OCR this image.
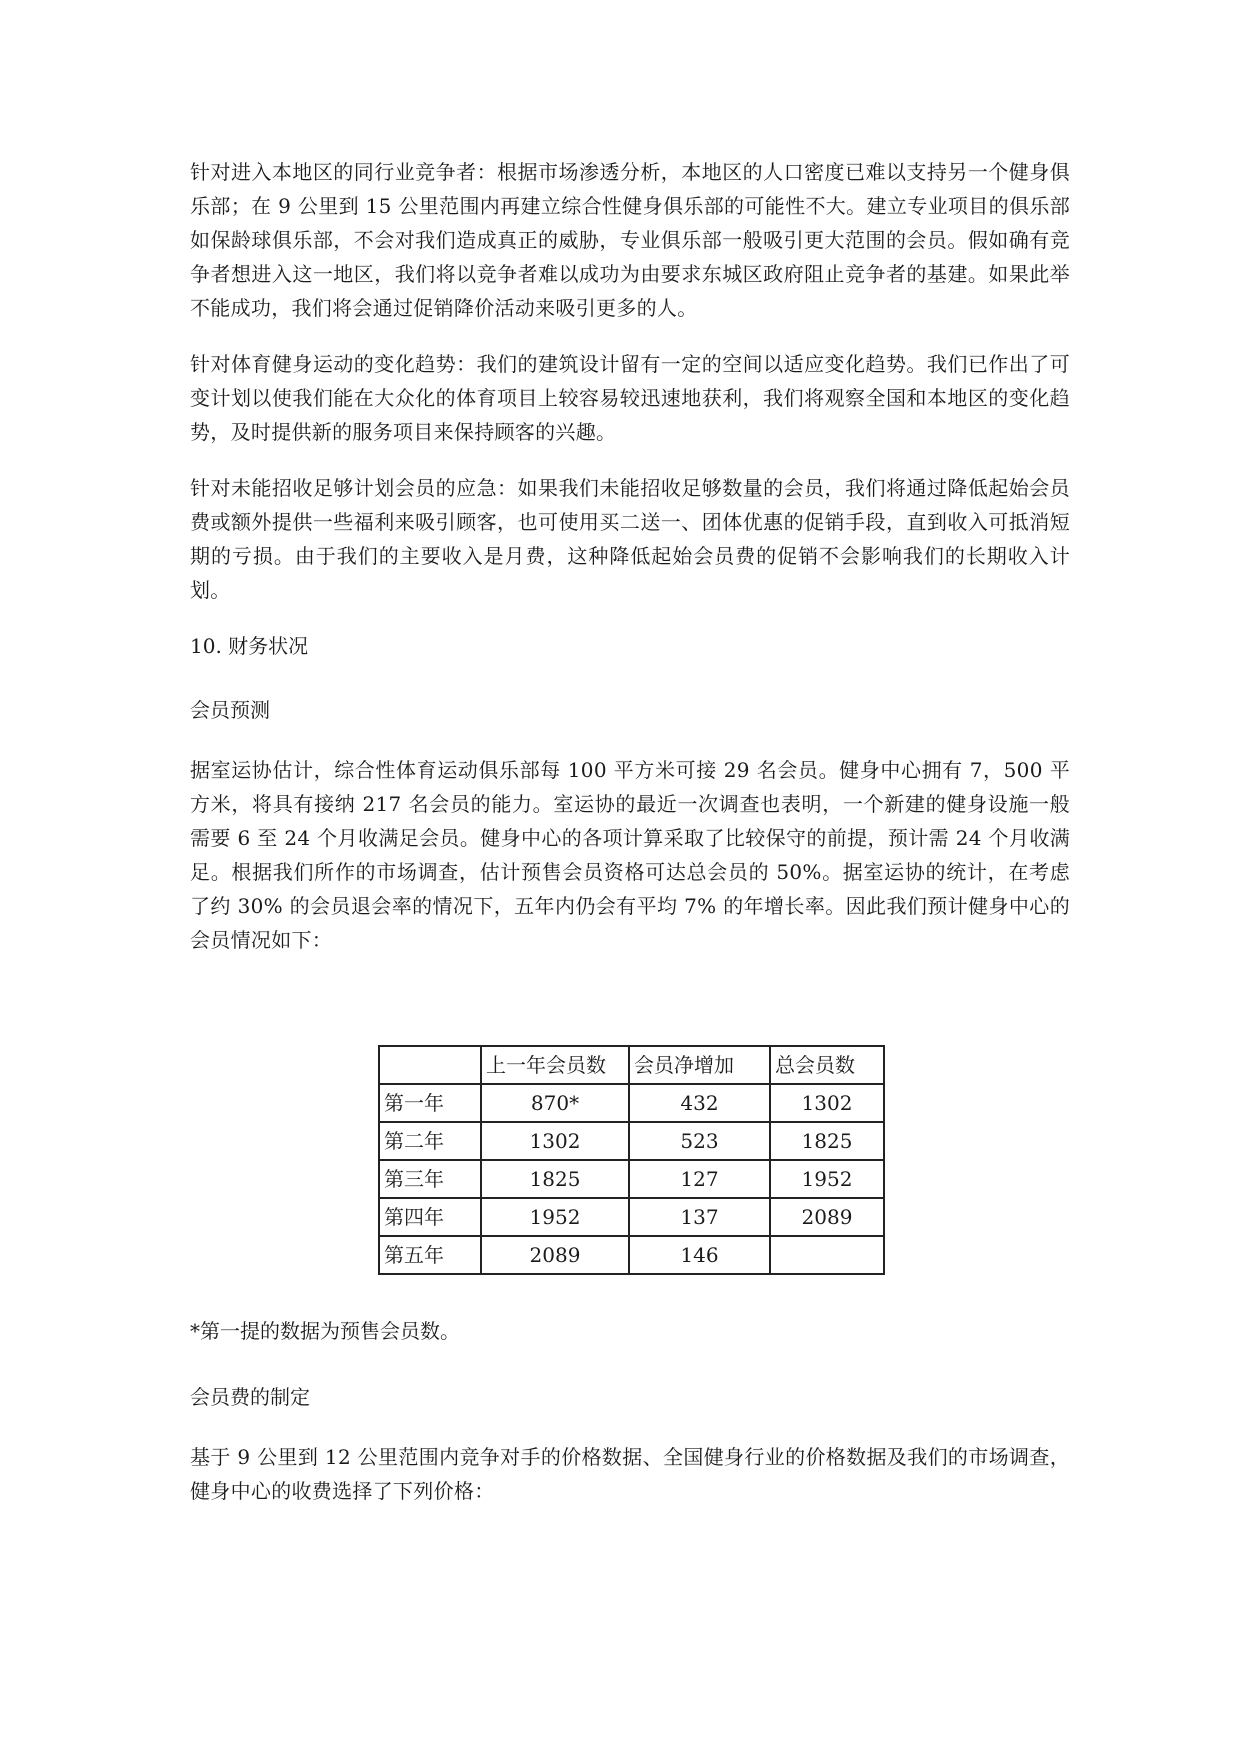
针对进入本地区的同行业竞争者：根据市场渗透分析，本地区的人口密度已难以支持另一个健身俱乐部；在 9 公里到 15 公里范围内再建立综合性健身俱乐部的可能性不大。建立专业项目的俱乐部如保龄球俱乐部，不会对我们造成真正的威胁，专业俱乐部一般吸引更大范围的会员。假如确有竞争者想进入这一地区，我们将以竞争者难以成功为由要求东城区政府阻止竞争者的基建。如果此举不能成功，我们将会通过促销降价活动来吸引更多的人。

针对体育健身运动的变化趋势：我们的建筑设计留有一定的空间以适应变化趋势。我们已作出了可变计划以使我们能在大众化的体育项目上较容易较迅速地获利，我们将观察全国和本地区的变化趋势，及时提供新的服务项目来保持顾客的兴趣。

针对未能招收足够计划会员的应急：如果我们未能招收足够数量的会员，我们将通过降低起始会员费或额外提供一些福利来吸引顾客，也可使用买二送一、团体优惠的促销手段，直到收入可抵消短期的亏损。由于我们的主要收入是月费，这种降低起始会员费的促销不会影响我们的长期收入计划。

10. 财务状况

会员预测

据室运协估计，综合性体育运动俱乐部每 100 平方米可接 29 名会员。健身中心拥有 7，500 平方米，将具有接纳 217 名会员的能力。室运协的最近一次调查也表明，一个新建的健身设施一般需要 6 至 24 个月收满足会员。健身中心的各项计算采取了比较保守的前提，预计需 24 个月收满足。根据我们所作的市场调查，估计预售会员资格可达总会员的 50%。据室运协的统计，在考虑了约 30% 的会员退会率的情况下，五年内仍会有平均 7% 的年增长率。因此我们预计健身中心的会员情况如下：

	上一年会员数	会员净增加	总会员数
第一年	870*	432	1302
第二年	1302	523	1825
第三年	1825	127	1952
第四年	1952	137	2089
第五年	2089	146	

*第一提的数据为预售会员数。

会员费的制定

基于 9 公里到 12 公里范围内竞争对手的价格数据、全国健身行业的价格数据及我们的市场调查，健身中心的收费选择了下列价格：
